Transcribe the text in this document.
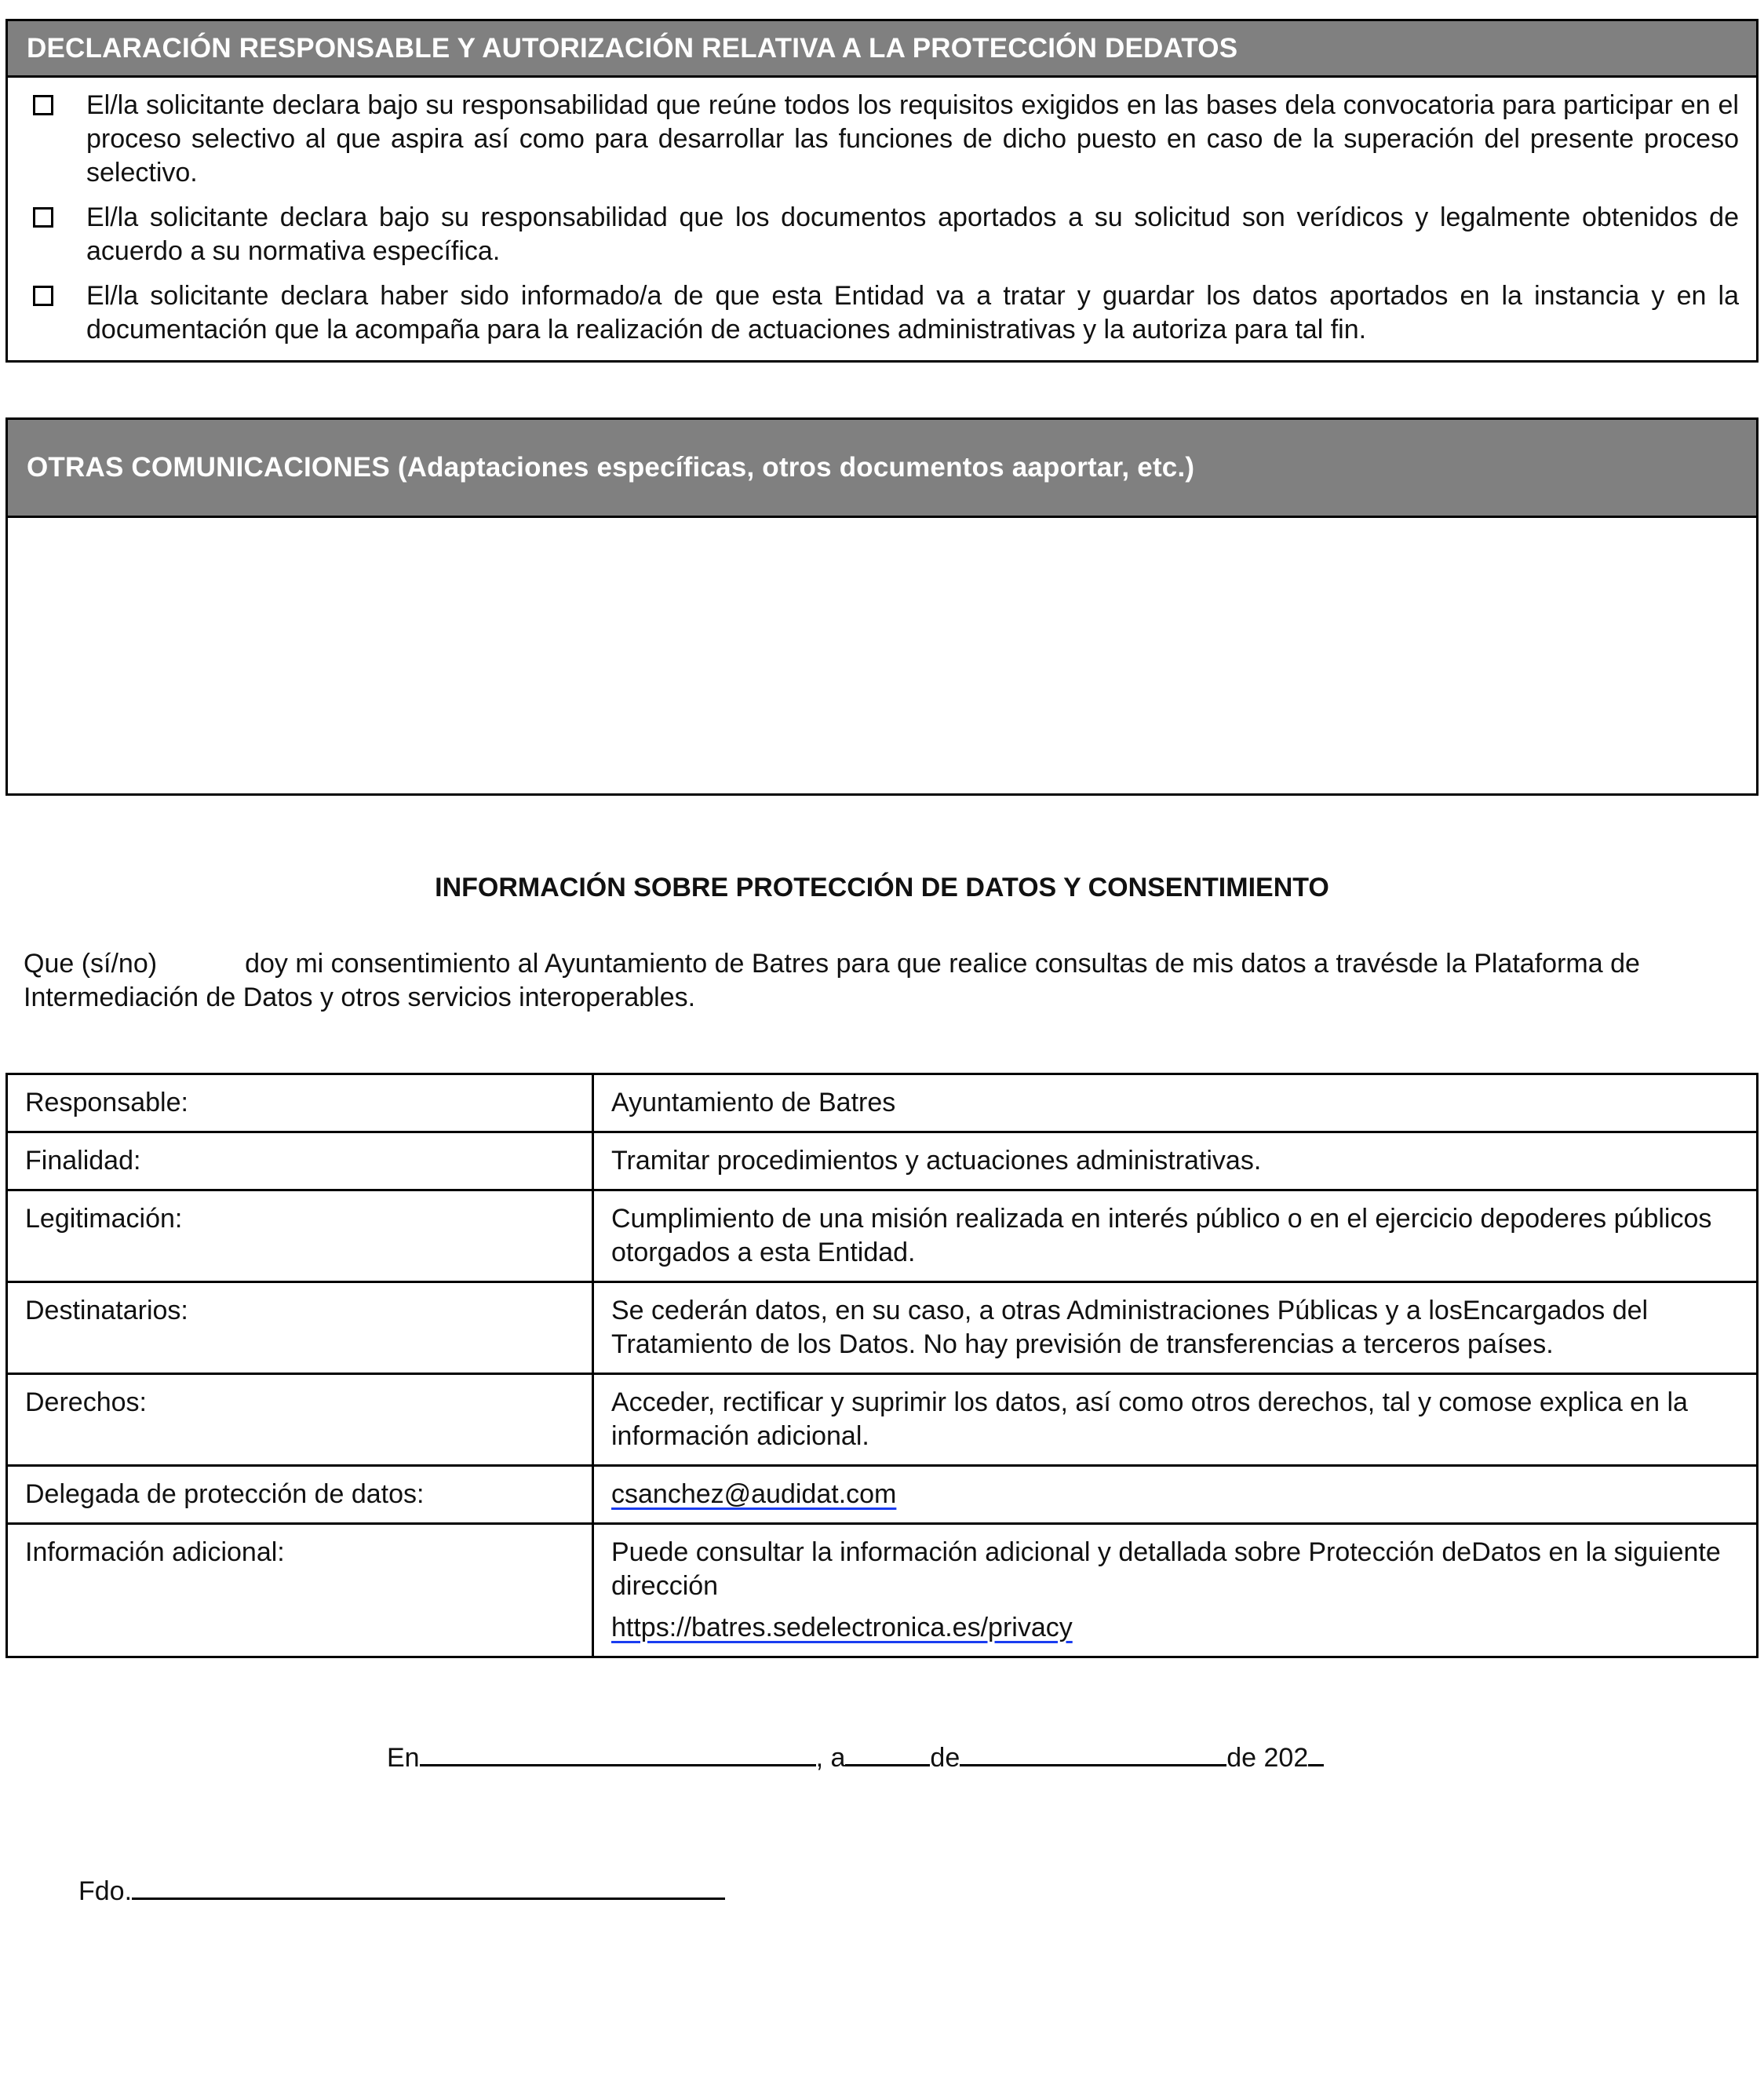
DECLARACIÓN RESPONSABLE Y AUTORIZACIÓN RELATIVA A LA PROTECCIÓN DEDATOS
El/la solicitante declara bajo su responsabilidad que reúne todos los requisitos exigidos en las bases dela convocatoria para participar en el proceso selectivo al que aspira así como para desarrollar las funciones de dicho puesto en caso de la superación del presente proceso selectivo.
El/la solicitante declara bajo su responsabilidad que los documentos aportados a su solicitud son verídicos y legalmente obtenidos de acuerdo a su normativa específica.
El/la solicitante declara haber sido informado/a de que esta Entidad va a tratar y guardar los datos aportados en la instancia y en la documentación que la acompaña para la realización de actuaciones administrativas y la autoriza para tal fin.
OTRAS COMUNICACIONES (Adaptaciones específicas, otros documentos aaportar, etc.)
INFORMACIÓN SOBRE PROTECCIÓN DE DATOS Y CONSENTIMIENTO
Que (sí/no)	doy mi consentimiento al Ayuntamiento de Batres para que realice consultas de mis datos a travésde la Plataforma de Intermediación de Datos y otros servicios interoperables.
Responsable:	Ayuntamiento de Batres
Finalidad:	Tramitar procedimientos y actuaciones administrativas.
Legitimación:	Cumplimiento de una misión realizada en interés público o en el ejercicio depoderes públicos otorgados a esta Entidad.
Destinatarios:	Se cederán datos, en su caso, a otras Administraciones Públicas y a losEncargados del Tratamiento de los Datos. No hay previsión de transferencias a terceros países.
Derechos:	Acceder, rectificar y suprimir los datos, así como otros derechos, tal y comose explica en la información adicional.
Delegada de protección de datos:	csanchez@audidat.com
Información adicional:	Puede consultar la información adicional y detallada sobre Protección deDatos en la siguiente dirección
https://batres.sedelectronica.es/privacy
En	, a	de	de 202
Fdo.
